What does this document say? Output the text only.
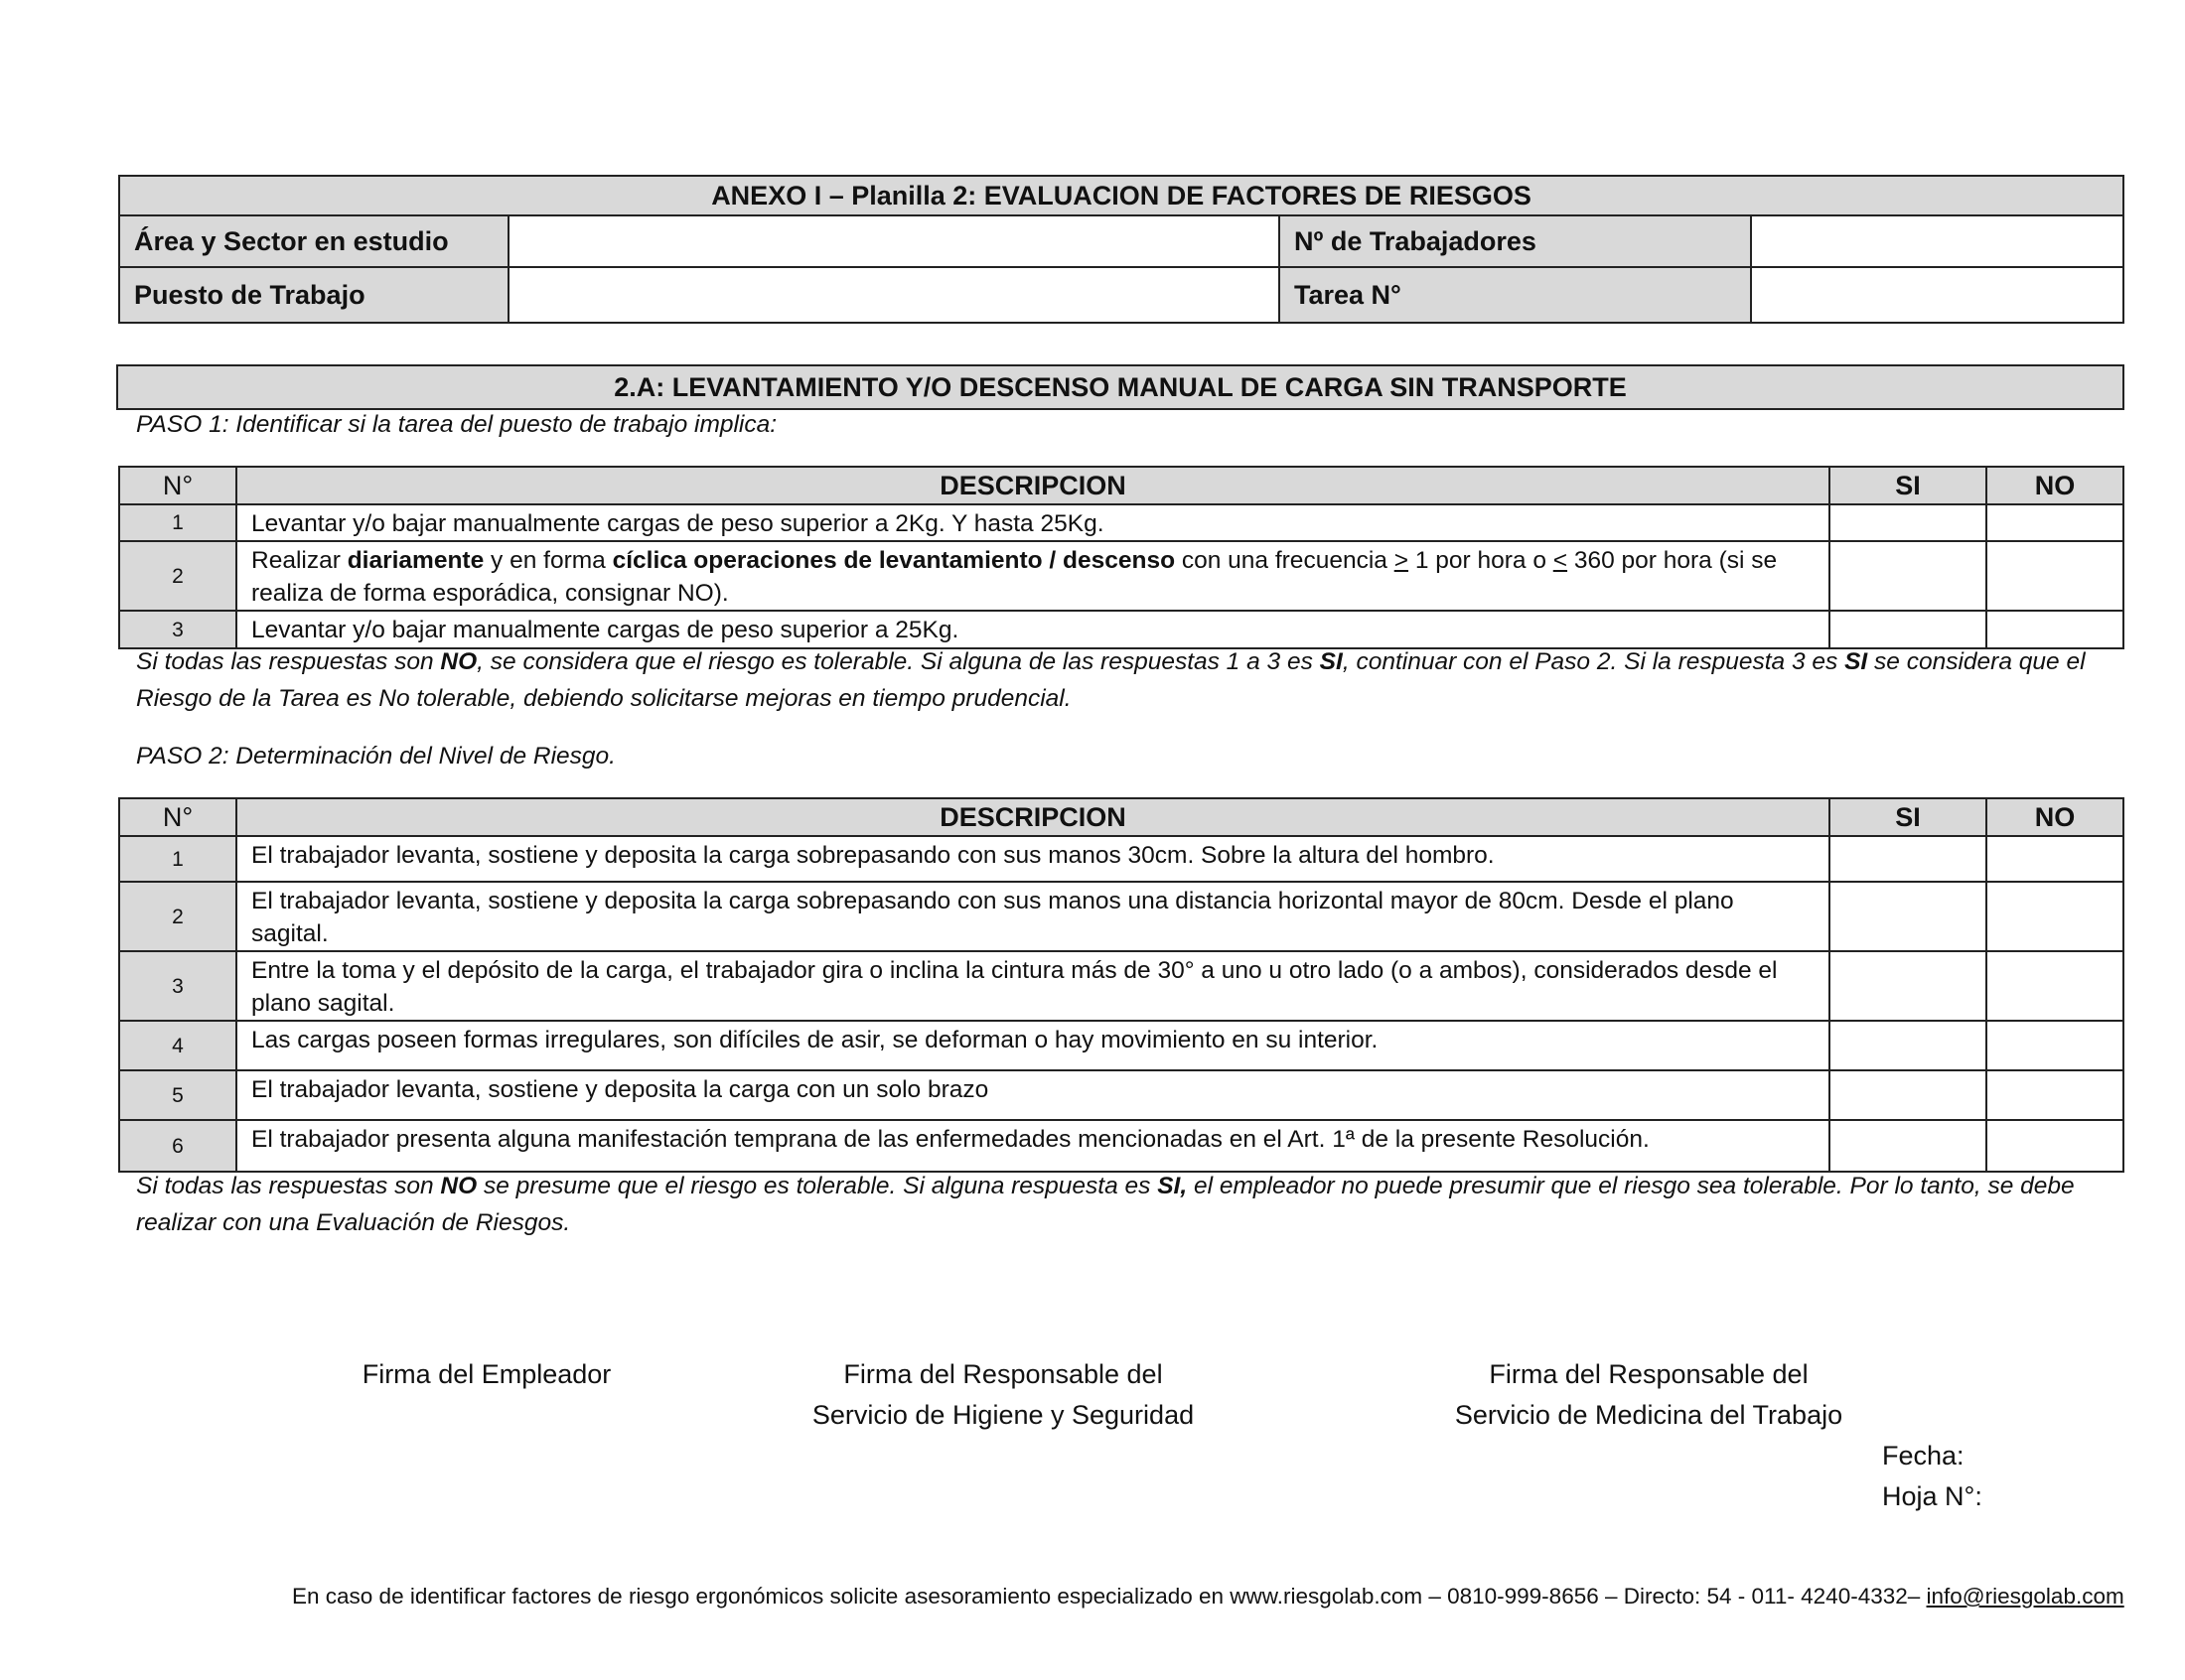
ANEXO I – Planilla 2: EVALUACION DE FACTORES DE RIESGOS			
Área y Sector en estudio		Nº de Trabajadores	
Puesto de Trabajo		Tarea N°	
2.A: LEVANTAMIENTO Y/O DESCENSO MANUAL DE CARGA SIN TRANSPORTE
PASO 1: Identificar si la tarea del puesto de trabajo implica:
N°	DESCRIPCION	SI	NO
1	Levantar y/o bajar manualmente cargas de peso superior a 2Kg. Y hasta 25Kg.		
2	Realizar diariamente y en forma cíclica operaciones de levantamiento / descenso con una frecuencia ≥ 1 por hora o ≤ 360 por hora (si se realiza de forma esporádica, consignar NO).		
3	Levantar y/o bajar manualmente cargas de peso superior a 25Kg.		
Si todas las respuestas son NO, se considera que el riesgo es tolerable. Si alguna de las respuestas 1 a 3 es SI, continuar con el Paso 2. Si la respuesta 3 es SI se considera que el Riesgo de la Tarea es No tolerable, debiendo solicitarse mejoras en tiempo prudencial.
PASO 2: Determinación del Nivel de Riesgo.
N°	DESCRIPCION	SI	NO
1	El trabajador levanta, sostiene y deposita la carga sobrepasando con sus manos 30cm. Sobre la altura del hombro.		
2	El trabajador levanta, sostiene y deposita la carga sobrepasando con sus manos una distancia horizontal mayor de 80cm. Desde el plano sagital.		
3	Entre la toma y el depósito de la carga, el trabajador gira o inclina la cintura más de 30° a uno u otro lado (o a ambos), considerados desde el plano sagital.		
4	Las cargas poseen formas irregulares, son difíciles de asir, se deforman o hay movimiento en su interior.		
5	El trabajador levanta, sostiene y deposita la carga con un solo brazo		
6	El trabajador presenta alguna manifestación temprana de las enfermedades mencionadas en el Art. 1ª de la presente Resolución.		
Si todas las respuestas son NO se presume que el riesgo es tolerable. Si alguna respuesta es SI, el empleador no puede presumir que el riesgo sea tolerable. Por lo tanto, se debe realizar con una Evaluación de Riesgos.
Firma del Empleador	Firma del Responsable del
Servicio de Higiene y Seguridad
Firma del Responsable del
Servicio de Medicina del Trabajo
Fecha:
Hoja N°:
En caso de identificar factores de riesgo ergonómicos solicite asesoramiento especializado en www.riesgolab.com – 0810-999-8656 – Directo: 54 - 011- 4240-4332– info@riesgolab.com
